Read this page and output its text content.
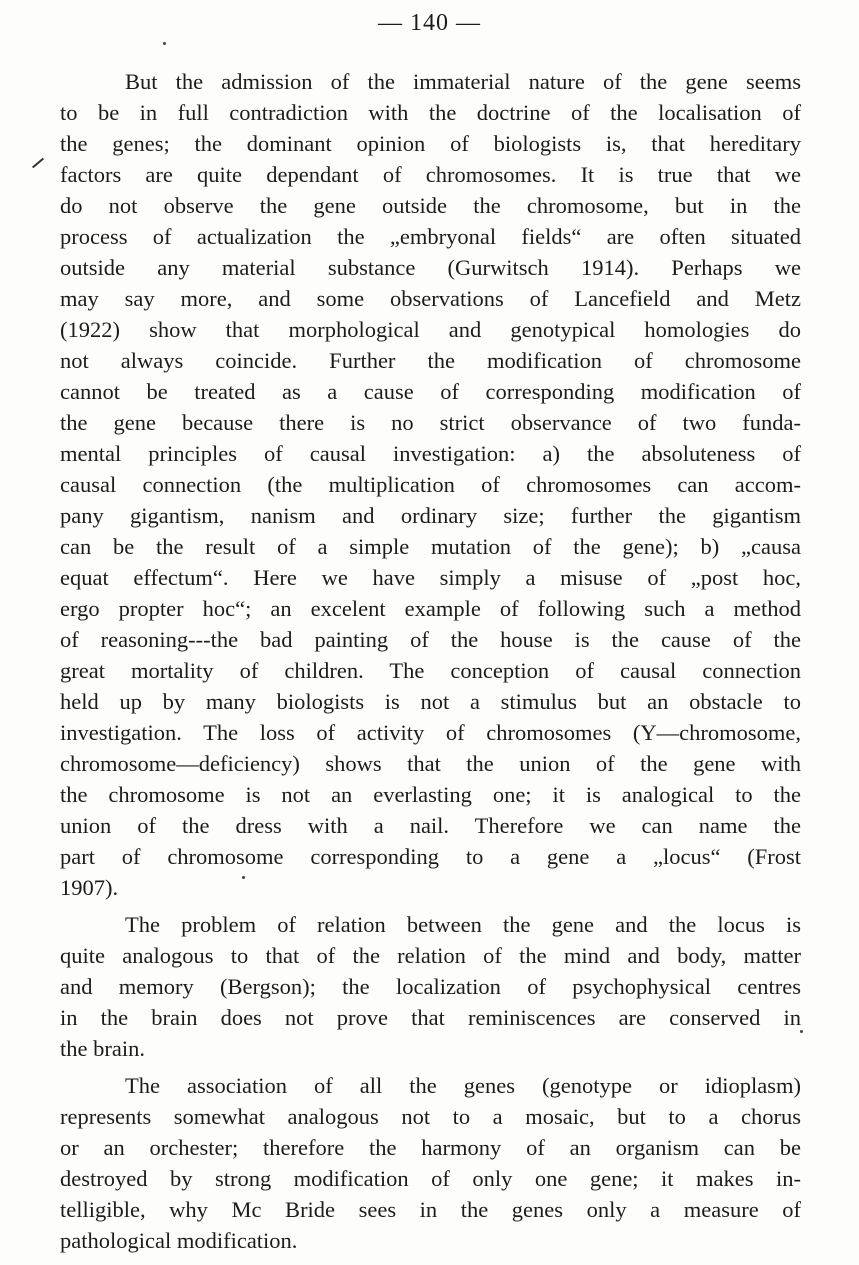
— 140 —
But the admission of the immaterial nature of the gene seems
to be in full contradiction with the doctrine of the localisation of
the genes; the dominant opinion of biologists is, that hereditary
factors are quite dependant of chromosomes. It is true that we
do not observe the gene outside the chromosome, but in the
process of actualization the „embryonal fields“ are often situated
outside any material substance (Gurwitsch 1914). Perhaps we
may say more, and some observations of Lancefield and Metz
(1922) show that morphological and genotypical homologies do
not always coincide. Further the modification of chromosome
cannot be treated as a cause of corresponding modification of
the gene because there is no strict observance of two funda-
mental principles of causal investigation: a) the absoluteness of
causal connection (the multiplication of chromosomes can accom-
pany gigantism, nanism and ordinary size; further the gigantism
can be the result of a simple mutation of the gene); b) „causa
equat effectum“. Here we have simply a misuse of „post hoc,
ergo propter hoc“; an excelent example of following such a method
of reasoning---the bad painting of the house is the cause of the
great mortality of children. The conception of causal connection
held up by many biologists is not a stimulus but an obstacle to
investigation. The loss of activity of chromosomes (Y—chromosome,
chromosome—deficiency) shows that the union of the gene with
the chromosome is not an everlasting one; it is analogical to the
union of the dress with a nail. Therefore we can name the
part of chromosome corresponding to a gene a „locus“ (Frost
1907).
The problem of relation between the gene and the locus is
quite analogous to that of the relation of the mind and body, matter
and memory (Bergson); the localization of psychophysical centres
in the brain does not prove that reminiscences are conserved in
the brain.
The association of all the genes (genotype or idioplasm)
represents somewhat analogous not to a mosaic, but to a chorus
or an orchester; therefore the harmony of an organism can be
destroyed by strong modification of only one gene; it makes in-
telligible, why Mc Bride sees in the genes only a measure of
pathological modification.
